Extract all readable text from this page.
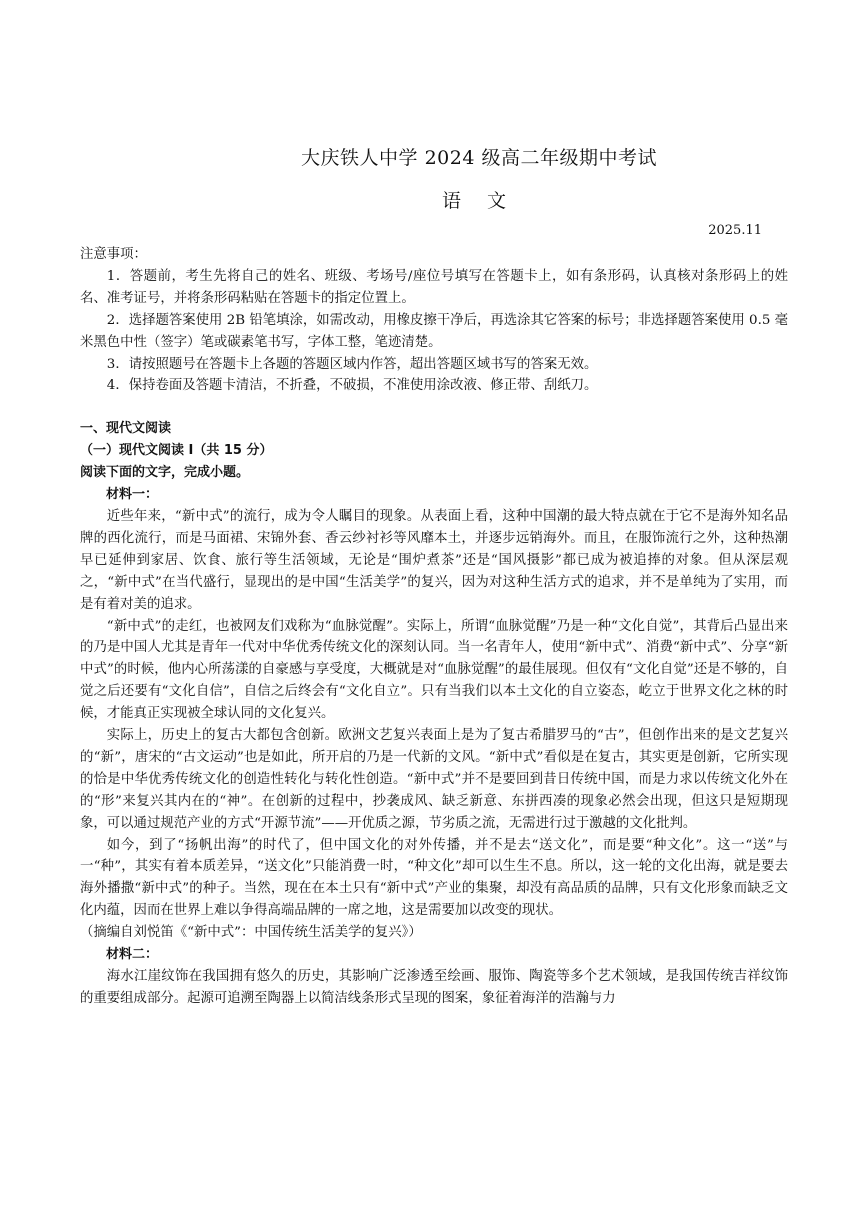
大庆铁人中学 2024 级高二年级期中考试
语 文
2025.11

注意事项：

1．答题前，考生先将自己的姓名、班级、考场号/座位号填写在答题卡上，如有条形码，认真核对条形码上的姓名、准考证号，并将条形码粘贴在答题卡的指定位置上。

2．选择题答案使用 2B 铅笔填涂，如需改动，用橡皮擦干净后，再选涂其它答案的标号；非选择题答案使用 0.5 毫米黑色中性（签字）笔或碳素笔书写，字体工整，笔迹清楚。

3．请按照题号在答题卡上各题的答题区域内作答，超出答题区域书写的答案无效。

4．保持卷面及答题卡清洁，不折叠，不破损，不准使用涂改液、修正带、刮纸刀。

一、现代文阅读

（一）现代文阅读 I（共 15 分）

阅读下面的文字，完成小题。

材料一：

近些年来，“新中式”的流行，成为令人瞩目的现象。从表面上看，这种中国潮的最大特点就在于它不是海外知名品牌的西化流行，而是马面裙、宋锦外套、香云纱衬衫等风靡本土，并逐步远销海外。而且，在服饰流行之外，这种热潮早已延伸到家居、饮食、旅行等生活领域，无论是“围炉煮茶”还是“国风摄影”都已成为被追捧的对象。但从深层观之，“新中式”在当代盛行，显现出的是中国“生活美学”的复兴，因为对这种生活方式的追求，并不是单纯为了实用，而是有着对美的追求。

“新中式”的走红，也被网友们戏称为“血脉觉醒”。实际上，所谓“血脉觉醒”乃是一种“文化自觉”，其背后凸显出来的乃是中国人尤其是青年一代对中华优秀传统文化的深刻认同。当一名青年人，使用“新中式”、消费“新中式”、分享“新中式”的时候，他内心所荡漾的自豪感与享受度，大概就是对“血脉觉醒”的最佳展现。但仅有“文化自觉”还是不够的，自觉之后还要有“文化自信”，自信之后终会有“文化自立”。只有当我们以本土文化的自立姿态，屹立于世界文化之林的时候，才能真正实现被全球认同的文化复兴。

实际上，历史上的复古大都包含创新。欧洲文艺复兴表面上是为了复古希腊罗马的“古”，但创作出来的是文艺复兴的“新”，唐宋的“古文运动”也是如此，所开启的乃是一代新的文风。“新中式”看似是在复古，其实更是创新，它所实现的恰是中华优秀传统文化的创造性转化与转化性创造。“新中式”并不是要回到昔日传统中国，而是力求以传统文化外在的“形”来复兴其内在的“神”。在创新的过程中，抄袭成风、缺乏新意、东拼西凑的现象必然会出现，但这只是短期现象，可以通过规范产业的方式“开源节流”——开优质之源，节劣质之流，无需进行过于激越的文化批判。

如今，到了“扬帆出海”的时代了，但中国文化的对外传播，并不是去“送文化”，而是要“种文化”。这一“送”与一“种”，其实有着本质差异，“送文化”只能消费一时，“种文化”却可以生生不息。所以，这一轮的文化出海，就是要去海外播撒“新中式”的种子。当然，现在在本土只有“新中式”产业的集聚，却没有高品质的品牌，只有文化形象而缺乏文化内蕴，因而在世界上难以争得高端品牌的一席之地，这是需要加以改变的现状。

（摘编自刘悦笛《“新中式”：中国传统生活美学的复兴》）

材料二：

海水江崖纹饰在我国拥有悠久的历史，其影响广泛渗透至绘画、服饰、陶瓷等多个艺术领域，是我国传统吉祥纹饰的重要组成部分。起源可追溯至陶器上以简洁线条形式呈现的图案，象征着海洋的浩瀚与力
